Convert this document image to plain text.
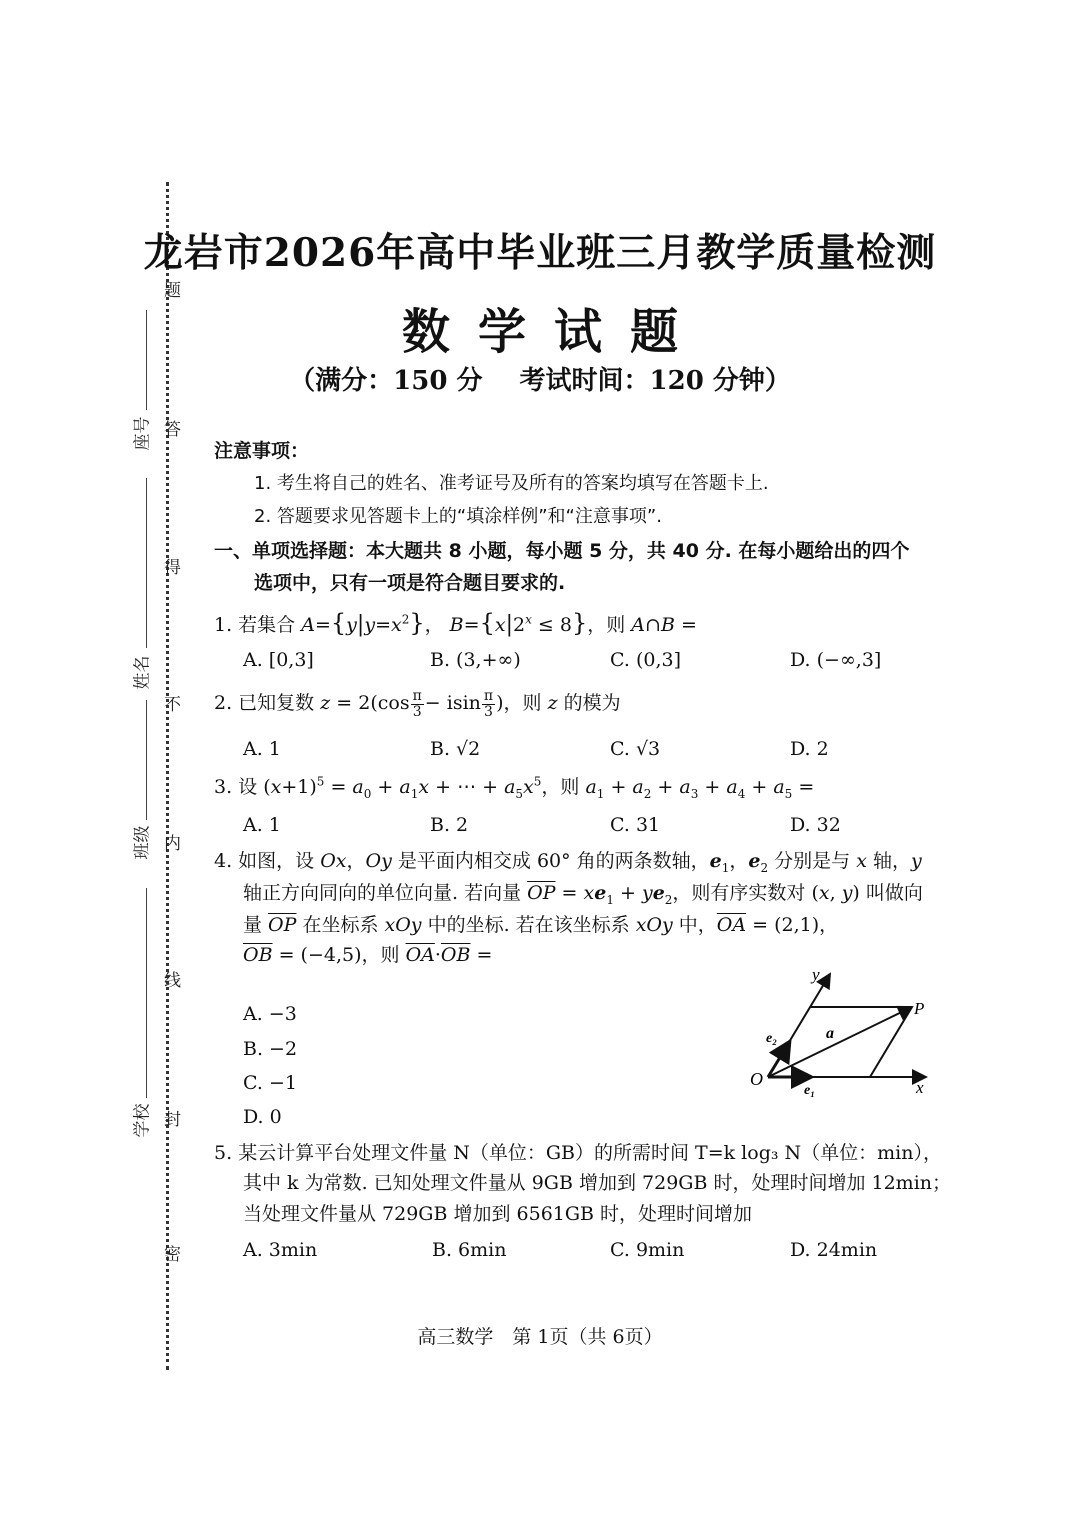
题
答
得
不
内
线
封
密
座号
姓名
班级
学校
龙岩市2026年高中毕业班三月教学质量检测
数学试题
（满分：150 分 考试时间：120 分钟）
注意事项：
1. 考生将自己的姓名、准考证号及所有的答案均填写在答题卡上.
2. 答题要求见答题卡上的“填涂样例”和“注意事项”.
一、单项选择题：本大题共 8 小题，每小题 5 分，共 40 分. 在每小题给出的四个
选项中，只有一项是符合题目要求的.
1. 若集合 $A=\{y|y=x^2\}$， $B=\{x|2^x \le 8\}$，则 A∩B =
A. [0,3]	B. (3,+∞)	C. (0,3]	D. (−∞,3]
2. 已知复数 $z = 2(\cos \frac{\pi}{3}- isin \frac{\pi}{3})$，则 z 的模为
A. 1	B. √2	C. √3	D. 2
3. 设 $(x+1)^5 = a_0 + a_1x$ + ⋯ + $a_5x^5$，则 $a_1 + a_2 + a_3 + a_4 + a_5$ =
A. 1	B. 2	C. 31	D. 32
4. 如图，设 Ox，Oy 是平面内相交成 60° 角的两条数轴，$e_1$，$e_2$ 分别是与 x 轴，y
轴正方向同向的单位向量. 若向量 $\overline{OP} = xe_1 + ye_2$，则有序实数对 (x, y) 叫做向
量 $\overline{OP}$ 在坐标系 xOy 中的坐标. 若在该坐标系 xOy 中，$\overline{OA} = (2,1)$，
$\overline{OB} = (-4,5)$，则 $\overline{OA}\cdot\overline{OB}$ =
A. −3
B. −2
C. −1
D. 0
O	x
y
P
a
e₂
e₁
5. 某云计算平台处理文件量 N（单位：GB）的所需时间 T=k log₃ N（单位：min），
其中 k 为常数. 已知处理文件量从 9GB 增加到 729GB 时，处理时间增加 12min；
当处理文件量从 729GB 增加到 6561GB 时，处理时间增加
A. 3min	B. 6min	C. 9min	D. 24min
高三数学　第 1页（共 6页）
